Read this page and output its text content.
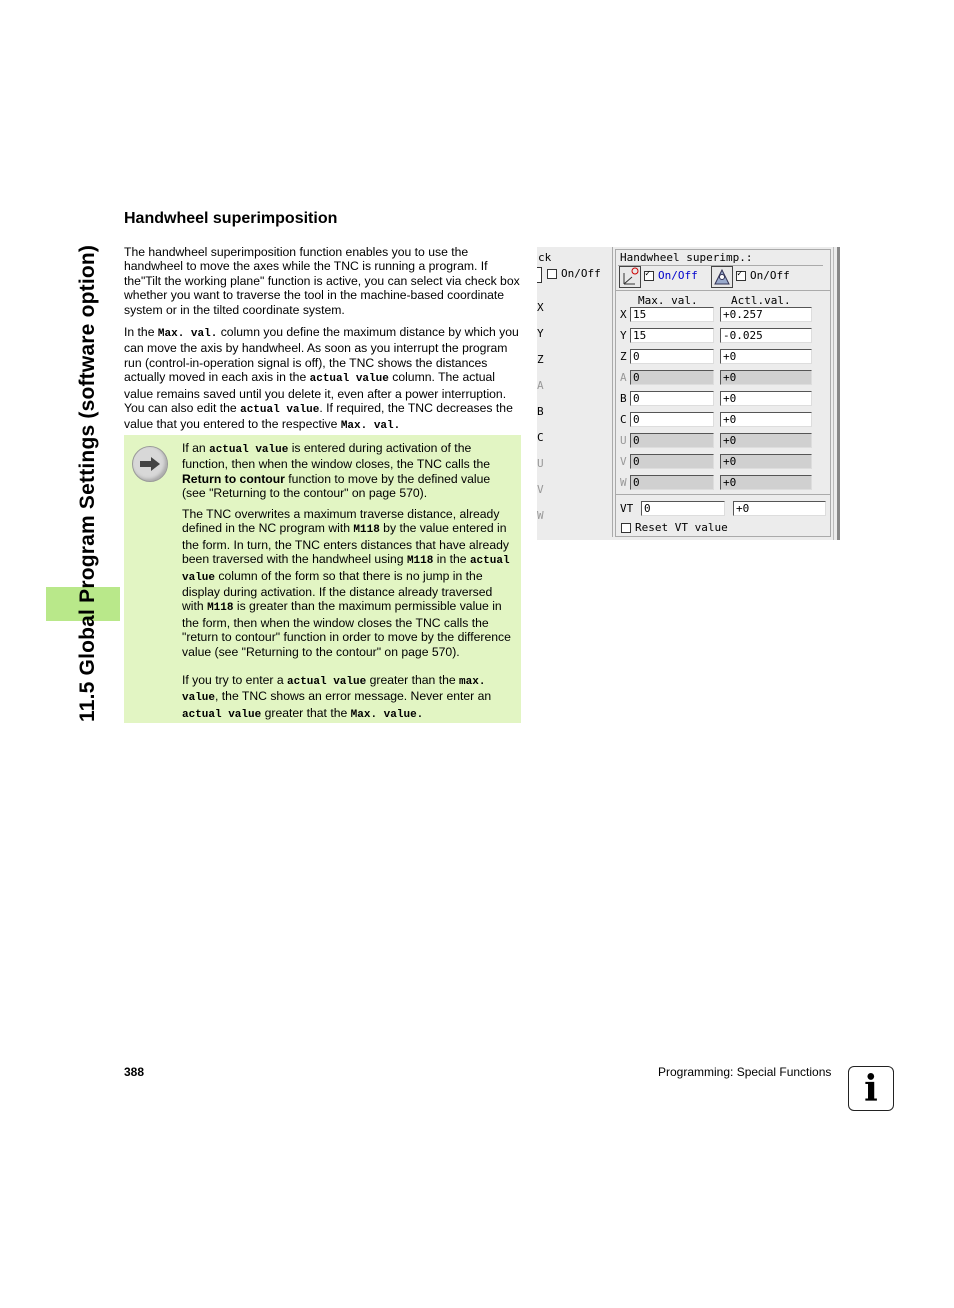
11.5 Global Program Settings (software option)
Handwheel superimposition

The handwheel superimposition function enables you to use the handwheel to move the axes while the TNC is running a program. If the"Tilt the working plane" function is active, you can select via check box whether you want to traverse the tool in the machine-based coordinate system or in the tilted coordinate system.

In the Max. val. column you define the maximum distance by which you can move the axis by handwheel. As soon as you interrupt the program run (control-in-operation signal is off), the TNC shows the distances actually moved in each axis in the actual value column. The actual value remains saved until you delete it, even after a power interruption. You can also edit the actual value. If required, the TNC decreases the value that you entered to the respective Max. val.

If an actual value is entered during activation of the function, then when the window closes, the TNC calls the Return to contour function to move by the defined value (see "Returning to the contour" on page 570).

The TNC overwrites a maximum traverse distance, already defined in the NC program with M118 by the value entered in the form. In turn, the TNC enters distances that have already been traversed with the handwheel using M118 in the actual value column of the form so that there is no jump in the display during activation. If the distance already traversed with M118 is greater than the maximum permissible value in the form, then when the window closes the TNC calls the "return to contour" function in order to move by the difference value (see "Returning to the contour" on page 570).

If you try to enter a actual value greater than the max. value, the TNC shows an error message. Never enter an actual value greater that the Max. value.

ck
On/Off
X
Y
Z
A
B
C
U
V
W
Handwheel superimp.:
✓
On/Off
✓	On/Off
Max. val.	Actl.val.
X 15	+0.257
Y 15	-0.025
Z 0	+0
A 0	+0
B 0	+0
C 0	+0
U 0	+0
V 0	+0
W 0	+0
VT 0	+0
Reset VT value
388	Programming: Special Functions i
